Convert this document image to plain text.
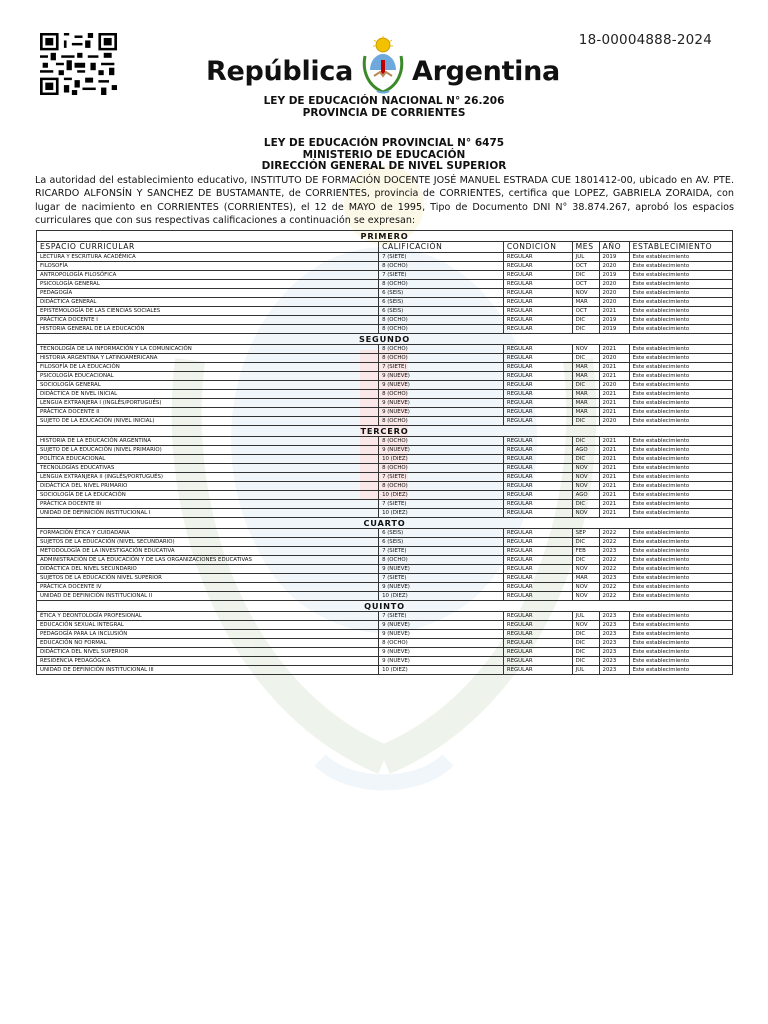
18-00004888-2024
República Argentina
LEY DE EDUCACIÓN NACIONAL N° 26.206
PROVINCIA DE CORRIENTES
LEY DE EDUCACIÓN PROVINCIAL N° 6475
MINISTERIO DE EDUCACIÓN
DIRECCIÓN GENERAL DE NIVEL SUPERIOR
La autoridad del establecimiento educativo, INSTITUTO DE FORMACIÓN DOCENTE JOSÉ MANUEL ESTRADA CUE 1801412-00, ubicado en AV. PTE. RICARDO ALFONSÍN Y SANCHEZ DE BUSTAMANTE, de CORRIENTES, provincia de CORRIENTES, certifica que LOPEZ, GABRIELA ZORAIDA, con lugar de nacimiento en CORRIENTES (CORRIENTES), el 12 de MAYO de 1995, Tipo de Documento DNI N° 38.874.267, aprobó los espacios curriculares que con sus respectivas calificaciones a continuación se expresan:
PRIMERO					
ESPACIO CURRICULAR	CALIFICACIÓN	CONDICIÓN	MES	AÑO	ESTABLECIMIENTO
LECTURA Y ESCRITURA ACADÉMICA	7 (SIETE)	REGULAR	JUL	2019	Este establecimiento
FILOSOFÍA	8 (OCHO)	REGULAR	OCT	2020	Este establecimiento
ANTROPOLOGÍA FILOSÓFICA	7 (SIETE)	REGULAR	DIC	2019	Este establecimiento
PSICOLOGÍA GENERAL	8 (OCHO)	REGULAR	OCT	2020	Este establecimiento
PEDAGOGÍA	6 (SEIS)	REGULAR	NOV	2020	Este establecimiento
DIDÁCTICA GENERAL	6 (SEIS)	REGULAR	MAR	2020	Este establecimiento
EPISTEMOLOGÍA DE LAS CIENCIAS SOCIALES	6 (SEIS)	REGULAR	OCT	2021	Este establecimiento
PRÁCTICA DOCENTE I	8 (OCHO)	REGULAR	DIC	2019	Este establecimiento
HISTORIA GENERAL DE LA EDUCACIÓN	8 (OCHO)	REGULAR	DIC	2019	Este establecimiento
SEGUNDO					
TECNOLOGÍA DE LA INFORMACIÓN Y LA COMUNICACIÓN	8 (OCHO)	REGULAR	NOV	2021	Este establecimiento
HISTORIA ARGENTINA Y LATINOAMERICANA	8 (OCHO)	REGULAR	DIC	2020	Este establecimiento
FILOSOFÍA DE LA EDUCACIÓN	7 (SIETE)	REGULAR	MAR	2021	Este establecimiento
PSICOLOGÍA EDUCACIONAL	9 (NUEVE)	REGULAR	MAR	2021	Este establecimiento
SOCIOLOGÍA GENERAL	9 (NUEVE)	REGULAR	DIC	2020	Este establecimiento
DIDÁCTICA DE NIVEL INICIAL	8 (OCHO)	REGULAR	MAR	2021	Este establecimiento
LENGUA EXTRANJERA I (INGLÉS/PORTUGUÉS)	9 (NUEVE)	REGULAR	MAR	2021	Este establecimiento
PRÁCTICA DOCENTE II	9 (NUEVE)	REGULAR	MAR	2021	Este establecimiento
SUJETO DE LA EDUCACIÓN (NIVEL INICIAL)	8 (OCHO)	REGULAR	DIC	2020	Este establecimiento
TERCERO					
HISTORIA DE LA EDUCACIÓN ARGENTINA	8 (OCHO)	REGULAR	DIC	2021	Este establecimiento
SUJETO DE LA EDUCACIÓN (NIVEL PRIMARIO)	9 (NUEVE)	REGULAR	AGO	2021	Este establecimiento
POLÍTICA EDUCACIONAL	10 (DIEZ)	REGULAR	DIC	2021	Este establecimiento
TECNOLOGÍAS EDUCATIVAS	8 (OCHO)	REGULAR	NOV	2021	Este establecimiento
LENGUA EXTRANJERA II (INGLÉS/PORTUGUÉS)	7 (SIETE)	REGULAR	NOV	2021	Este establecimiento
DIDÁCTICA DEL NIVEL PRIMARIO	8 (OCHO)	REGULAR	NOV	2021	Este establecimiento
SOCIOLOGÍA DE LA EDUCACIÓN	10 (DIEZ)	REGULAR	AGO	2021	Este establecimiento
PRÁCTICA DOCENTE III	7 (SIETE)	REGULAR	DIC	2021	Este establecimiento
UNIDAD DE DEFINICIÓN INSTITUCIONAL I	10 (DIEZ)	REGULAR	NOV	2021	Este establecimiento
CUARTO					
FORMACIÓN ÉTICA Y CUIDADANA	6 (SEIS)	REGULAR	SEP	2022	Este establecimiento
SUJETOS DE LA EDUCACIÓN (NIVEL SECUNDARIO)	6 (SEIS)	REGULAR	DIC	2022	Este establecimiento
METODOLOGÍA DE LA INVESTIGACIÓN EDUCATIVA	7 (SIETE)	REGULAR	FEB	2023	Este establecimiento
ADMINISTRACIÓN DE LA EDUCACIÓN Y DE LAS ORGANIZACIONES EDUCATIVAS	8 (OCHO)	REGULAR	DIC	2022	Este establecimiento
DIDÁCTICA DEL NIVEL SECUNDARIO	9 (NUEVE)	REGULAR	NOV	2022	Este establecimiento
SUJETOS DE LA EDUCACIÓN NIVEL SUPERIOR	7 (SIETE)	REGULAR	MAR	2023	Este establecimiento
PRÁCTICA DOCENTE IV	9 (NUEVE)	REGULAR	NOV	2022	Este establecimiento
UNIDAD DE DEFINICIÓN INSTITUCIONAL II	10 (DIEZ)	REGULAR	NOV	2022	Este establecimiento
QUINTO					
ÉTICA Y DEONTOLOGÍA PROFESIONAL	7 (SIETE)	REGULAR	JUL	2023	Este establecimiento
EDUCACIÓN SEXUAL INTEGRAL	9 (NUEVE)	REGULAR	NOV	2023	Este establecimiento
PEDAGOGÍA PARA LA INCLUSIÓN	9 (NUEVE)	REGULAR	DIC	2023	Este establecimiento
EDUCACIÓN NO FORMAL	8 (OCHO)	REGULAR	DIC	2023	Este establecimiento
DIDÁCTICA DEL NIVEL SUPERIOR	9 (NUEVE)	REGULAR	DIC	2023	Este establecimiento
RESIDENCIA PEDAGÓGICA	9 (NUEVE)	REGULAR	DIC	2023	Este establecimiento
UNIDAD DE DEFINICIÓN INSTITUCIONAL III	10 (DIEZ)	REGULAR	JUL	2023	Este establecimiento
